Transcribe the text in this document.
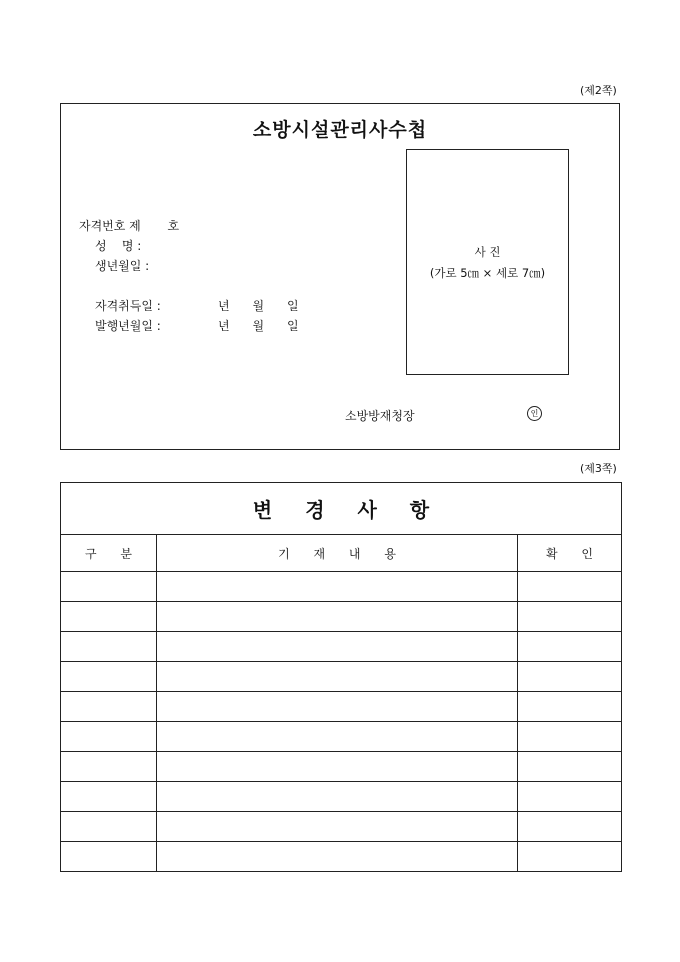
(제2쪽)
소방시설관리사수첩
자격번호 제       호
성    명 :
생년월일 :
자격취득일 :	년      월      일
발행년월일 :	년      월      일
사 진
(가로 5㎝ × 세로 7㎝)
소방방재청장	인
(제3쪽)
변 경 사 항		
구 분	기 재 내 용	확 인
